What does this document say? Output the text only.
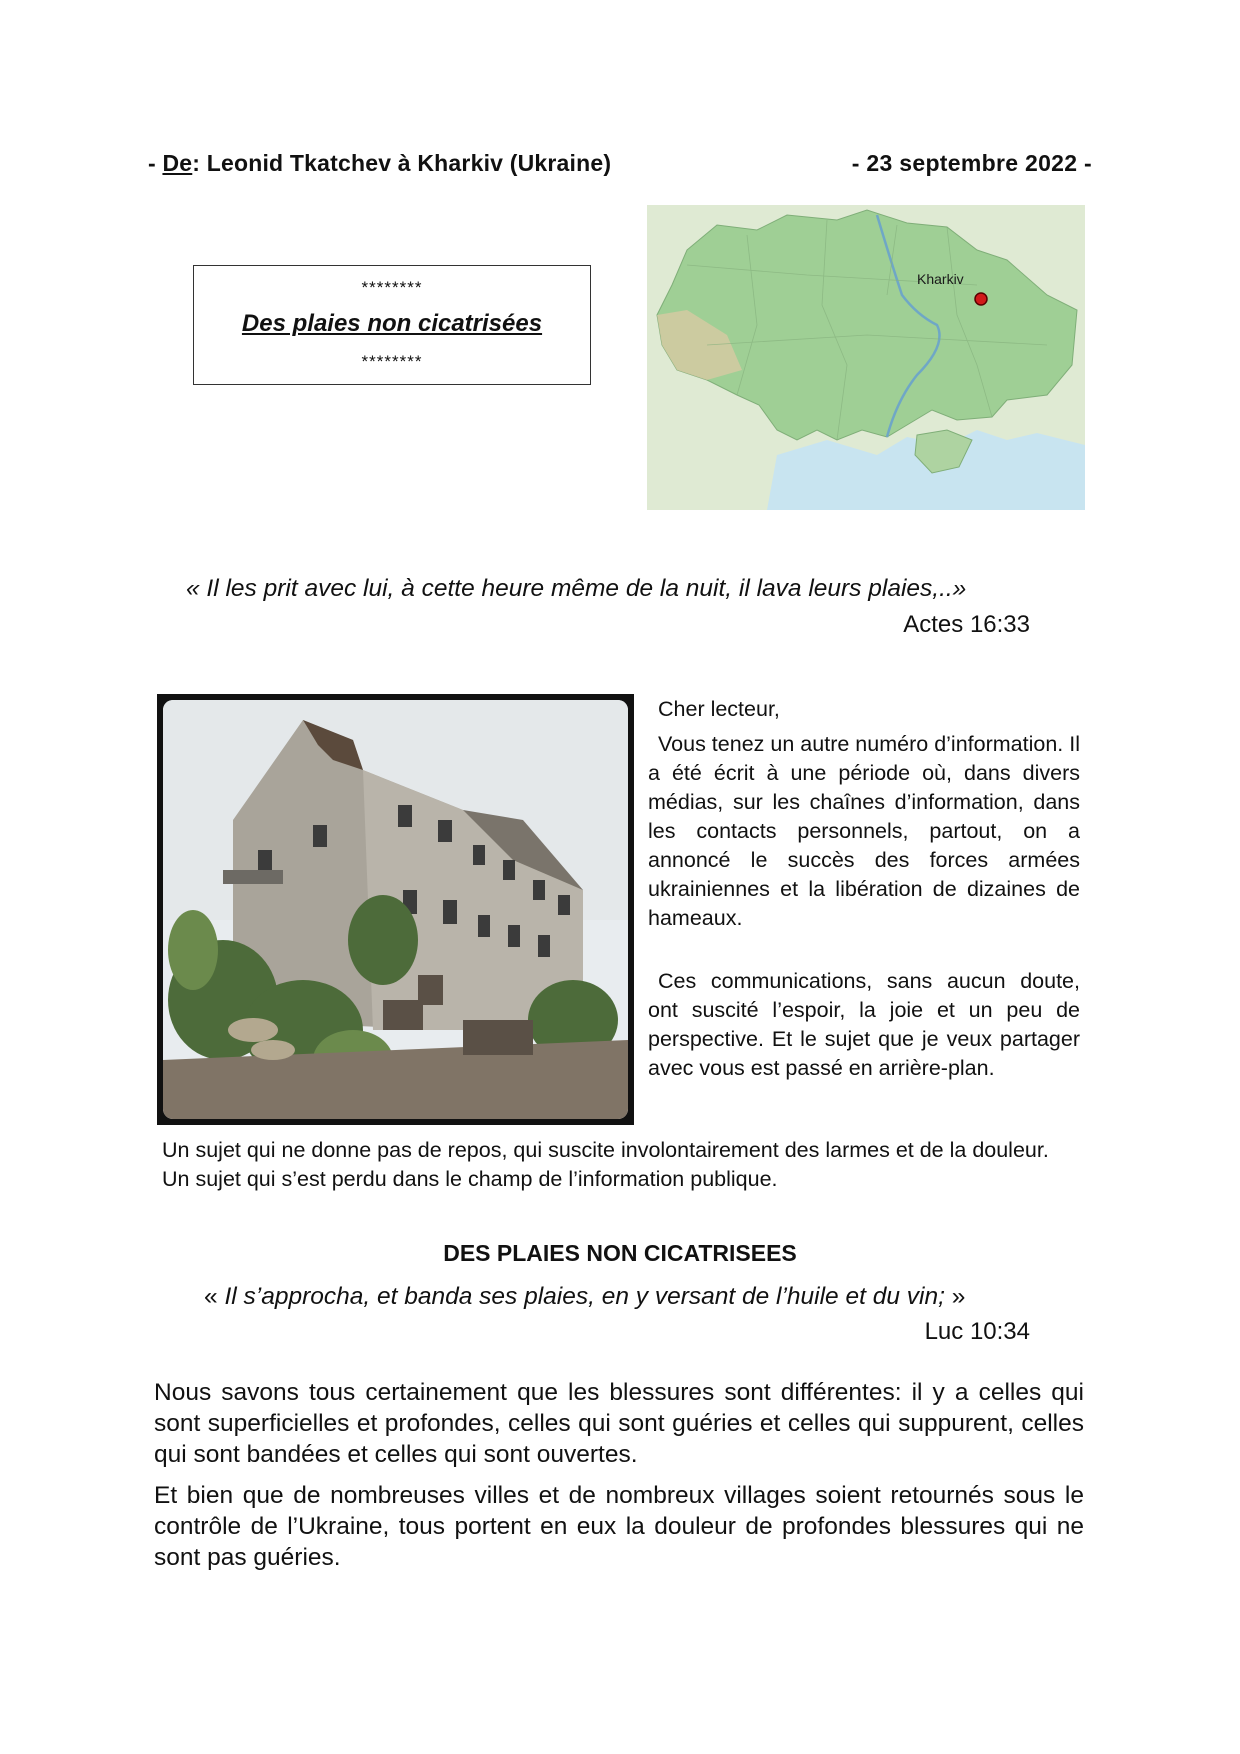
- De: Leonid Tkatchev à Kharkiv (Ukraine)	- 23 septembre 2022 -
********
Des plaies non cicatrisées
********
Kharkiv
« Il les prit avec lui, à cette heure même de la nuit, il lava leurs plaies,..»
Actes 16:33

Cher lecteur,

Vous tenez un autre numéro d’information. Il a été écrit à une période où, dans divers médias, sur les chaînes d’information, dans les contacts personnels, partout, on a annoncé le succès des forces armées ukrainiennes et la libération de dizaines de hameaux.

Ces communications, sans aucun doute, ont suscité l’espoir, la joie et un peu de perspective. Et le sujet que je veux partager avec vous est passé en arrière-plan.

Un sujet qui ne donne pas de repos, qui suscite involontairement des larmes et de la douleur. Un sujet qui s’est perdu dans le champ de l’information publique.
DES PLAIES NON CICATRISEES
« Il s’approcha, et banda ses plaies, en y versant de l’huile et du vin; »
Luc 10:34

Nous savons tous certainement que les blessures sont différentes: il y a celles qui sont superficielles et profondes, celles qui sont guéries et celles qui suppurent, celles qui sont bandées et celles qui sont ouvertes.

Et bien que de nombreuses villes et de nombreux villages soient retournés sous le contrôle de l’Ukraine, tous portent en eux la douleur de profondes blessures qui ne sont pas guéries.
